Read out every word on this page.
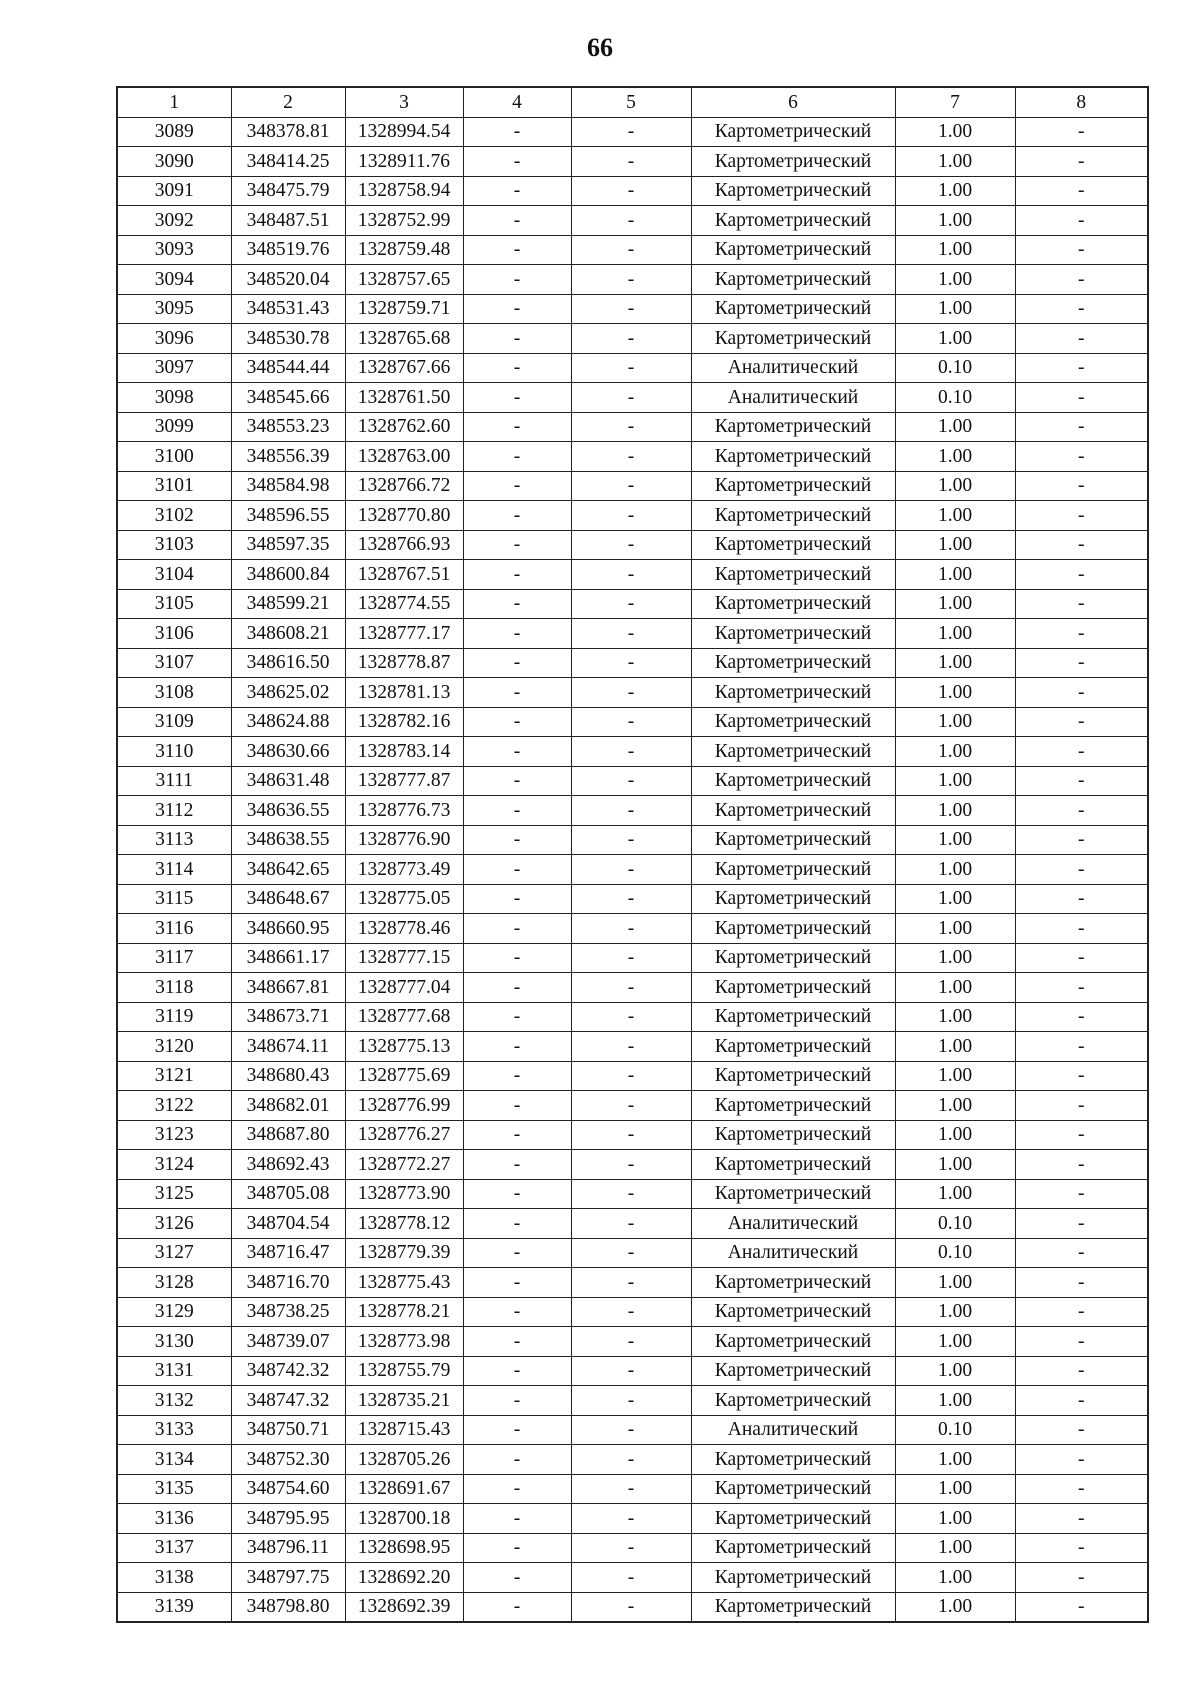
66
1	2	3	4	5	6	7	8
3089	348378.81	1328994.54	-	-	Картометрический	1.00	-
3090	348414.25	1328911.76	-	-	Картометрический	1.00	-
3091	348475.79	1328758.94	-	-	Картометрический	1.00	-
3092	348487.51	1328752.99	-	-	Картометрический	1.00	-
3093	348519.76	1328759.48	-	-	Картометрический	1.00	-
3094	348520.04	1328757.65	-	-	Картометрический	1.00	-
3095	348531.43	1328759.71	-	-	Картометрический	1.00	-
3096	348530.78	1328765.68	-	-	Картометрический	1.00	-
3097	348544.44	1328767.66	-	-	Аналитический	0.10	-
3098	348545.66	1328761.50	-	-	Аналитический	0.10	-
3099	348553.23	1328762.60	-	-	Картометрический	1.00	-
3100	348556.39	1328763.00	-	-	Картометрический	1.00	-
3101	348584.98	1328766.72	-	-	Картометрический	1.00	-
3102	348596.55	1328770.80	-	-	Картометрический	1.00	-
3103	348597.35	1328766.93	-	-	Картометрический	1.00	-
3104	348600.84	1328767.51	-	-	Картометрический	1.00	-
3105	348599.21	1328774.55	-	-	Картометрический	1.00	-
3106	348608.21	1328777.17	-	-	Картометрический	1.00	-
3107	348616.50	1328778.87	-	-	Картометрический	1.00	-
3108	348625.02	1328781.13	-	-	Картометрический	1.00	-
3109	348624.88	1328782.16	-	-	Картометрический	1.00	-
3110	348630.66	1328783.14	-	-	Картометрический	1.00	-
3111	348631.48	1328777.87	-	-	Картометрический	1.00	-
3112	348636.55	1328776.73	-	-	Картометрический	1.00	-
3113	348638.55	1328776.90	-	-	Картометрический	1.00	-
3114	348642.65	1328773.49	-	-	Картометрический	1.00	-
3115	348648.67	1328775.05	-	-	Картометрический	1.00	-
3116	348660.95	1328778.46	-	-	Картометрический	1.00	-
3117	348661.17	1328777.15	-	-	Картометрический	1.00	-
3118	348667.81	1328777.04	-	-	Картометрический	1.00	-
3119	348673.71	1328777.68	-	-	Картометрический	1.00	-
3120	348674.11	1328775.13	-	-	Картометрический	1.00	-
3121	348680.43	1328775.69	-	-	Картометрический	1.00	-
3122	348682.01	1328776.99	-	-	Картометрический	1.00	-
3123	348687.80	1328776.27	-	-	Картометрический	1.00	-
3124	348692.43	1328772.27	-	-	Картометрический	1.00	-
3125	348705.08	1328773.90	-	-	Картометрический	1.00	-
3126	348704.54	1328778.12	-	-	Аналитический	0.10	-
3127	348716.47	1328779.39	-	-	Аналитический	0.10	-
3128	348716.70	1328775.43	-	-	Картометрический	1.00	-
3129	348738.25	1328778.21	-	-	Картометрический	1.00	-
3130	348739.07	1328773.98	-	-	Картометрический	1.00	-
3131	348742.32	1328755.79	-	-	Картометрический	1.00	-
3132	348747.32	1328735.21	-	-	Картометрический	1.00	-
3133	348750.71	1328715.43	-	-	Аналитический	0.10	-
3134	348752.30	1328705.26	-	-	Картометрический	1.00	-
3135	348754.60	1328691.67	-	-	Картометрический	1.00	-
3136	348795.95	1328700.18	-	-	Картометрический	1.00	-
3137	348796.11	1328698.95	-	-	Картометрический	1.00	-
3138	348797.75	1328692.20	-	-	Картометрический	1.00	-
3139	348798.80	1328692.39	-	-	Картометрический	1.00	-
